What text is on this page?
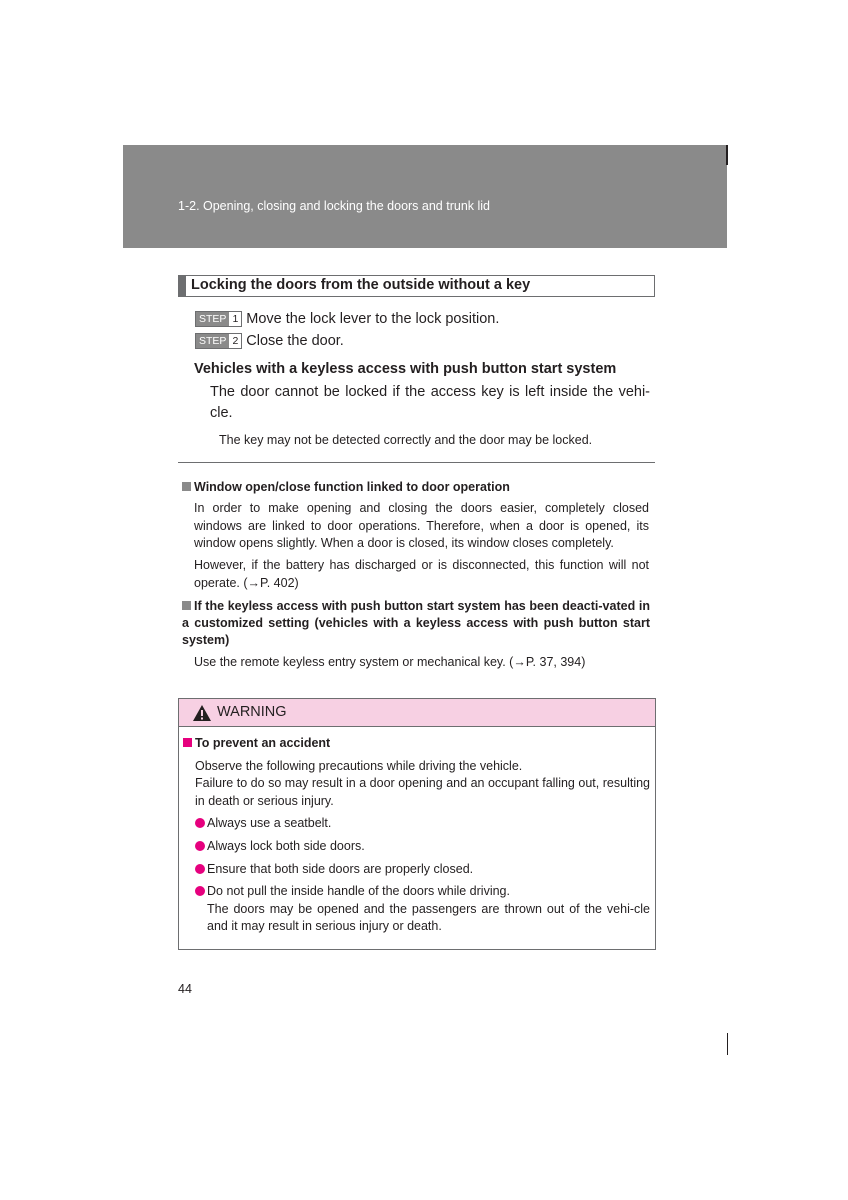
1-2. Opening, closing and locking the doors and trunk lid
Locking the doors from the outside without a key
STEP 1 Move the lock lever to the lock position.
STEP 2 Close the door.
Vehicles with a keyless access with push button start system
The door cannot be locked if the access key is left inside the vehi-cle.
The key may not be detected correctly and the door may be locked.
Window open/close function linked to door operation
In order to make opening and closing the doors easier, completely closed windows are linked to door operations. Therefore, when a door is opened, its window opens slightly. When a door is closed, its window closes completely.
However, if the battery has discharged or is disconnected, this function will not operate. (→P. 402)
If the keyless access with push button start system has been deacti-vated in a customized setting (vehicles with a keyless access with push button start system)
Use the remote keyless entry system or mechanical key. (→P. 37, 394)
WARNING
To prevent an accident
Observe the following precautions while driving the vehicle.
Failure to do so may result in a door opening and an occupant falling out, resulting in death or serious injury.
Always use a seatbelt.
Always lock both side doors.
Ensure that both side doors are properly closed.
Do not pull the inside handle of the doors while driving.
The doors may be opened and the passengers are thrown out of the vehi-cle and it may result in serious injury or death.
44
